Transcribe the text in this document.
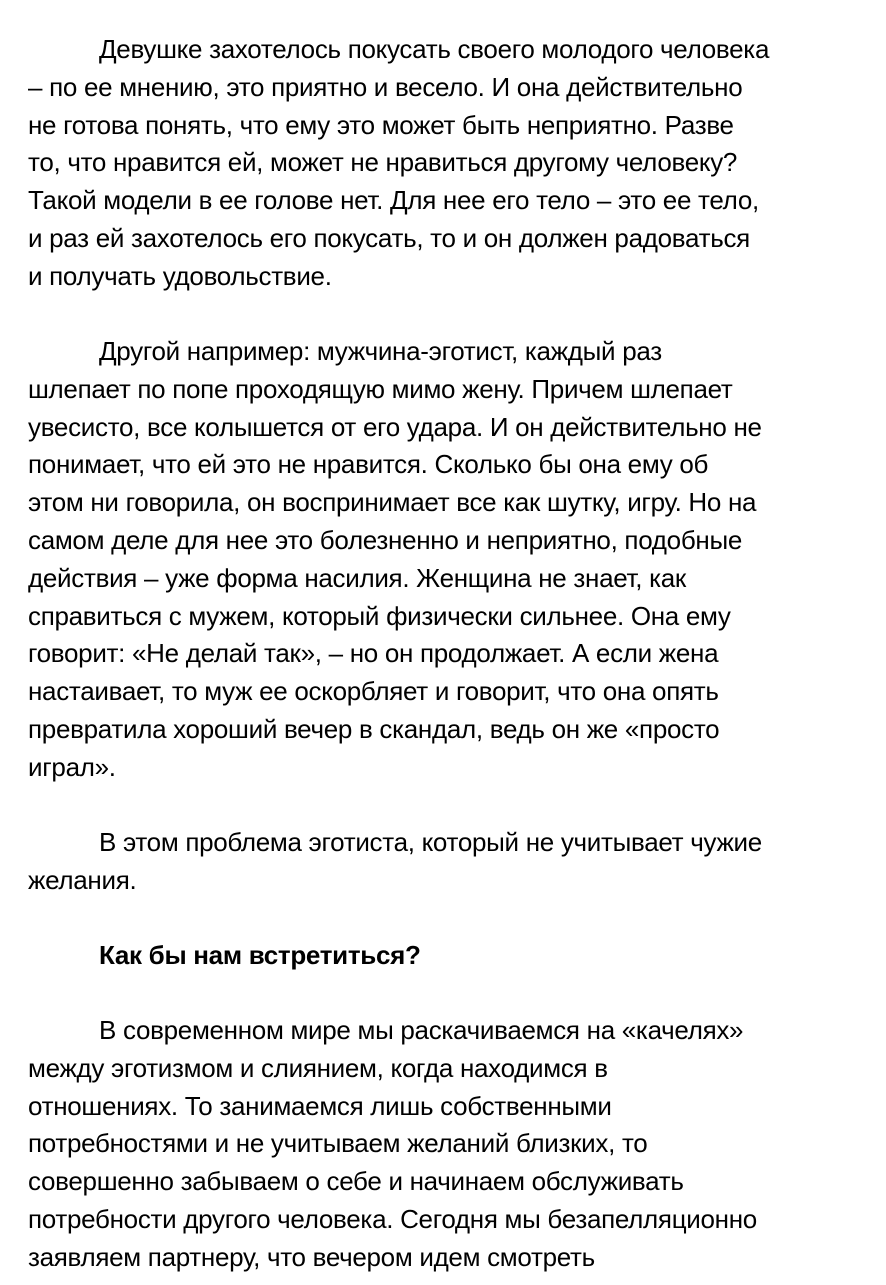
Девушке захотелось покусать своего молодого человека
– по ее мнению, это приятно и весело. И она действительно
не готова понять, что ему это может быть неприятно. Разве
то, что нравится ей, может не нравиться другому человеку?
Такой модели в ее голове нет. Для нее его тело – это ее тело,
и раз ей захотелось его покусать, то и он должен радоваться
и получать удовольствие.
Другой например: мужчина-эготист, каждый раз
шлепает по попе проходящую мимо жену. Причем шлепает
увесисто, все колышется от его удара. И он действительно не
понимает, что ей это не нравится. Сколько бы она ему об
этом ни говорила, он воспринимает все как шутку, игру. Но на
самом деле для нее это болезненно и неприятно, подобные
действия – уже форма насилия. Женщина не знает, как
справиться с мужем, который физически сильнее. Она ему
говорит: «Не делай так», – но он продолжает. А если жена
настаивает, то муж ее оскорбляет и говорит, что она опять
превратила хороший вечер в скандал, ведь он же «просто
играл».
В этом проблема эготиста, который не учитывает чужие
желания.
Как бы нам встретиться?
В современном мире мы раскачиваемся на «качелях»
между эготизмом и слиянием, когда находимся в
отношениях. То занимаемся лишь собственными
потребностями и не учитываем желаний близких, то
совершенно забываем о себе и начинаем обслуживать
потребности другого человека. Сегодня мы безапелляционно
заявляем партнеру, что вечером идем смотреть
